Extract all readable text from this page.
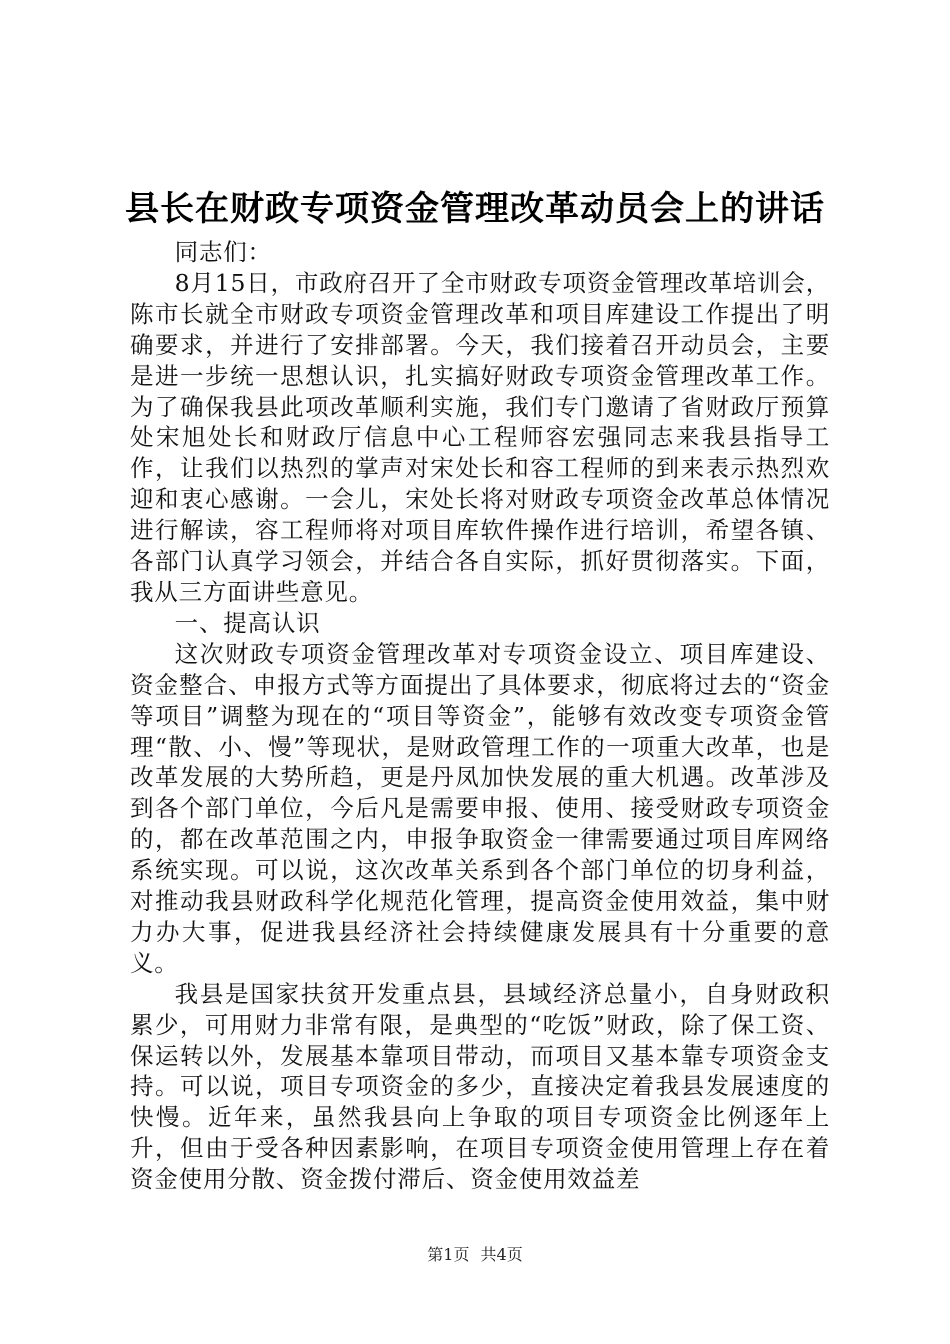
县长在财政专项资金管理改革动员会上的讲话

同志们：

8月15日，市政府召开了全市财政专项资金管理改革培训会，陈市长就全市财政专项资金管理改革和项目库建设工作提出了明确要求，并进行了安排部署。今天，我们接着召开动员会，主要是进一步统一思想认识，扎实搞好财政专项资金管理改革工作。为了确保我县此项改革顺利实施，我们专门邀请了省财政厅预算处宋旭处长和财政厅信息中心工程师容宏强同志来我县指导工作，让我们以热烈的掌声对宋处长和容工程师的到来表示热烈欢迎和衷心感谢。一会儿，宋处长将对财政专项资金改革总体情况进行解读，容工程师将对项目库软件操作进行培训，希望各镇、各部门认真学习领会，并结合各自实际，抓好贯彻落实。下面，我从三方面讲些意见。

一、提高认识

这次财政专项资金管理改革对专项资金设立、项目库建设、资金整合、申报方式等方面提出了具体要求，彻底将过去的“资金等项目”调整为现在的“项目等资金”，能够有效改变专项资金管理“散、小、慢”等现状，是财政管理工作的一项重大改革，也是改革发展的大势所趋，更是丹凤加快发展的重大机遇。改革涉及到各个部门单位，今后凡是需要申报、使用、接受财政专项资金的，都在改革范围之内，申报争取资金一律需要通过项目库网络系统实现。可以说，这次改革关系到各个部门单位的切身利益，对推动我县财政科学化规范化管理，提高资金使用效益，集中财力办大事，促进我县经济社会持续健康发展具有十分重要的意义。

我县是国家扶贫开发重点县，县域经济总量小，自身财政积累少，可用财力非常有限，是典型的“吃饭”财政，除了保工资、保运转以外，发展基本靠项目带动，而项目又基本靠专项资金支持。可以说，项目专项资金的多少，直接决定着我县发展速度的快慢。近年来，虽然我县向上争取的项目专项资金比例逐年上升，但由于受各种因素影响，在项目专项资金使用管理上存在着资金使用分散、资金拨付滞后、资金使用效益差

第1页 共4页
